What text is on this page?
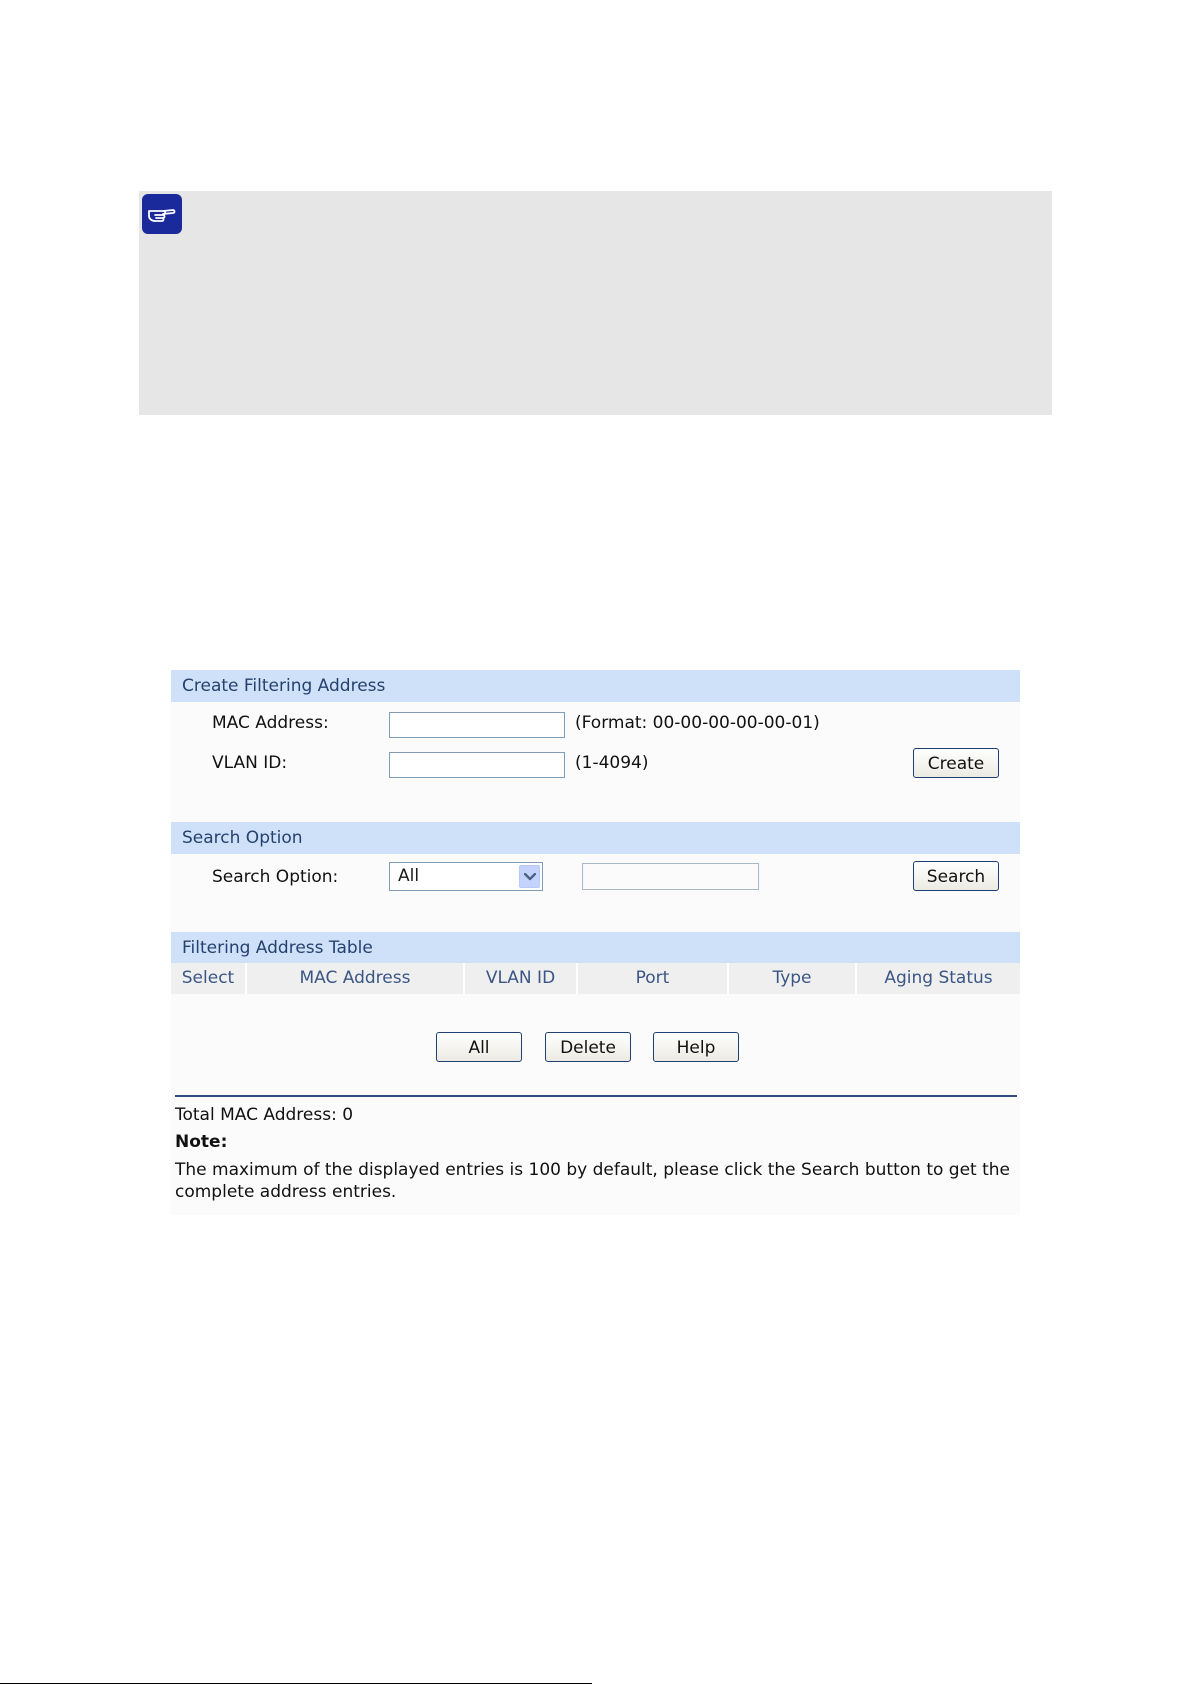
Create Filtering Address
MAC Address:	(Format: 00-00-00-00-00-01)
VLAN ID:	(1-4094)	Create
Search Option
Search Option:	All	Search
Filtering Address Table
Select	MAC Address	VLAN ID	Port	Type	Aging Status
All	Delete	Help
Total MAC Address: 0
Note:
The maximum of the displayed entries is 100 by default, please click the Search button to get the
complete address entries.
